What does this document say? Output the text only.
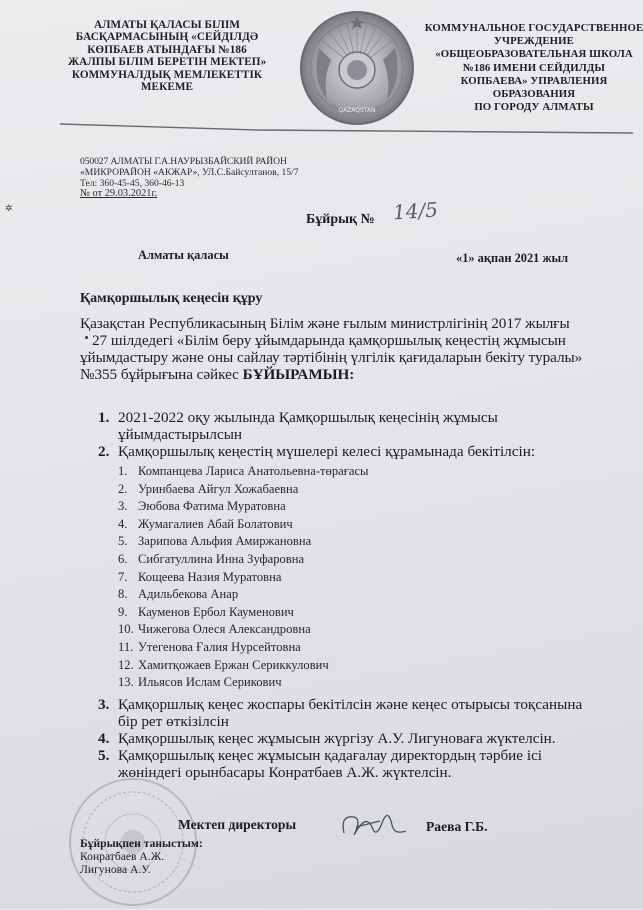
АЛМАТЫ ҚАЛАСЫ БІЛІМ
БАСҚАРМАСЫНЫҢ «СЕЙДІЛДӘ
КӨПБАЕВ АТЫНДАҒЫ №186
ЖАЛПЫ БІЛІМ БЕРЕТІН МЕКТЕП»
КОММУНАЛДЫҚ МЕМЛЕКЕТТІК
МЕКЕМЕ
QAZAQSTAN
КОММУНАЛЬНОЕ ГОСУДАРСТВЕННОЕ
УЧРЕЖДЕНИЕ
«ОБЩЕОБРАЗОВАТЕЛЬНАЯ ШКОЛА
№186 ИМЕНИ СЕЙДИЛДЫ
КОПБАЕВА» УПРАВЛЕНИЯ
ОБРАЗОВАНИЯ
ПО ГОРОДУ АЛМАТЫ
050027 АЛМАТЫ Г.А.НАУРЫЗБАЙСКИЙ РАЙОН
«МИКРОРАЙОН «АКЖАР», УЛ.С.Байсултанов, 15/7
Тел: 360-45-45, 360-46-13
№ от 29.03.2021г.
✲
Бұйрық № 14/5
Алматы қаласы	«1» ақпан 2021 жыл
Қамқоршылық кеңесін құру
Қазақстан Республикасының Білім және ғылым министрлігінің 2017 жылғы
27 шілдедегі «Білім беру ұйымдарында қамқоршылық кеңестің жұмысын
ұйымдастыру және оны сайлау тәртібінің үлгілік қағидаларын бекіту туралы»
№355 бұйрығына сәйкес БҰЙЫРАМЫН:
1. 2021-2022 оқу жылында Қамқоршылық кеңесінің жұмысы
ұйымдастырылсын
2. Қамқоршылық кеңестің мүшелері келесі құрамынада бекітілсін:
1. Компанцева Лариса Анатольевна-төрағасы
2. Уринбаева Айгул Хожабаевна
3. Эюбова Фатима Муратовна
4. Жумагалиев Абай Болатович
5. Зарипова Альфия Амиржановна
6. Сибгатуллина Инна Зуфаровна
7. Кощеева Назия Муратовна
8. Адильбекова Анар
9. Кауменов Ербол Кауменович
10. Чижегова Олеся Александровна
11. Утегенова Ғалия Нурсейтовна
12. Хамитқожаев Ержан Сериккулович
13. Ильясов Ислам Серикович
3. Қамқоршлық кеңес жоспары бекітілсін және кеңес отырысы тоқсанына
бір рет өткізілсін
4. Қамқоршылық кеңес жұмысын жүргізу А.У. Лигуноваға жүктелсін.
5. Қамқоршылық кеңес жұмысын қадағалау директордың тәрбие ісі
жөніндегі орынбасары Конратбаев А.Ж. жүктелсін.
Мектеп директоры	Раева Г.Б.
Бұйрықпен таныстым:
Конратбаев А.Ж.
Лигунова А.У.
